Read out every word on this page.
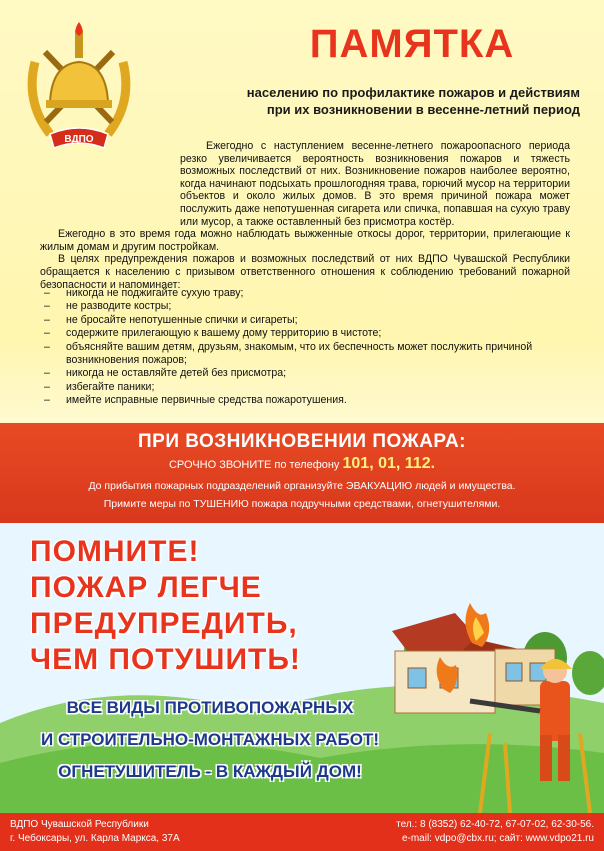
ВДПО
ПАМЯТКА
населению по профилактике пожаров и действиям
при их возникновении в весенне-летний период

Ежегодно с наступлением весенне-летнего пожароопасного периода резко увеличивается вероятность возникновения пожаров и тяжесть возможных последствий от них. Возникновение пожаров наиболее вероятно, когда начинают подсыхать прошлогодняя трава, горючий мусор на территории объектов и около жилых домов. В это время причиной пожара может послужить даже непотушенная сигарета или спичка, попавшая на сухую траву или мусор, а также оставленный без присмотра костёр.

Ежегодно в это время года можно наблюдать выжженные откосы дорог, территории, прилегающие к жилым домам и другим постройкам.

В целях предупреждения пожаров и возможных последствий от них ВДПО Чувашской Республики обращается к населению с призывом ответственного отношения к соблюдению требований пожарной безопасности и напоминает:

– никогда не поджигайте сухую траву;
– не разводите костры;
– не бросайте непотушенные спички и сигареты;
– содержите прилегающую к вашему дому территорию в чистоте;
– объясняйте вашим детям, друзьям, знакомым, что их беспечность может послужить причиной возникновения пожаров;
– никогда не оставляйте детей без присмотра;
– избегайте паники;
– имейте исправные первичные средства пожаротушения.
ПРИ ВОЗНИКНОВЕНИИ ПОЖАРА:
СРОЧНО ЗВОНИТЕ по телефону 101, 01, 112.
До прибытия пожарных подразделений организуйте ЭВАКУАЦИЮ людей и имущества.
Примите меры по ТУШЕНИЮ пожара подручными средствами, огнетушителями.
ПОМНИТЕ!
ПОЖАР ЛЕГЧЕ
ПРЕДУПРЕДИТЬ,
ЧЕМ ПОТУШИТЬ!
ВСЕ ВИДЫ ПРОТИВОПОЖАРНЫХ
И СТРОИТЕЛЬНО-МОНТАЖНЫХ РАБОТ!
ОГНЕТУШИТЕЛЬ - В КАЖДЫЙ ДОМ!
ВДПО Чувашской Республики
г. Чебоксары, ул. Карла Маркса, 37А
тел.: 8 (8352) 62-40-72, 67-07-02, 62-30-56.
e-mail: vdpo@cbx.ru; сайт: www.vdpo21.ru
